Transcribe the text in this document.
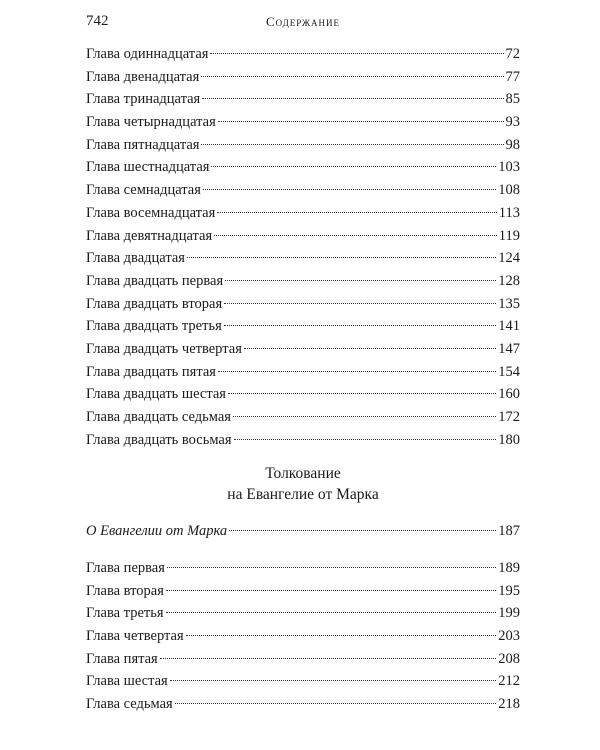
742	Содержание
Глава одиннадцатая	72
Глава двенадцатая	77
Глава тринадцатая	85
Глава четырнадцатая	93
Глава пятнадцатая	98
Глава шестнадцатая	103
Глава семнадцатая	108
Глава восемнадцатая	113
Глава девятнадцатая	119
Глава двадцатая	124
Глава двадцать первая	128
Глава двадцать вторая	135
Глава двадцать третья	141
Глава двадцать четвертая	147
Глава двадцать пятая	154
Глава двадцать шестая	160
Глава двадцать седьмая	172
Глава двадцать восьмая	180
Толкование
на Евангелие от Марка
О Евангелии от Марка	187
Глава первая	189
Глава вторая	195
Глава третья	199
Глава четвертая	203
Глава пятая	208
Глава шестая	212
Глава седьмая	218
